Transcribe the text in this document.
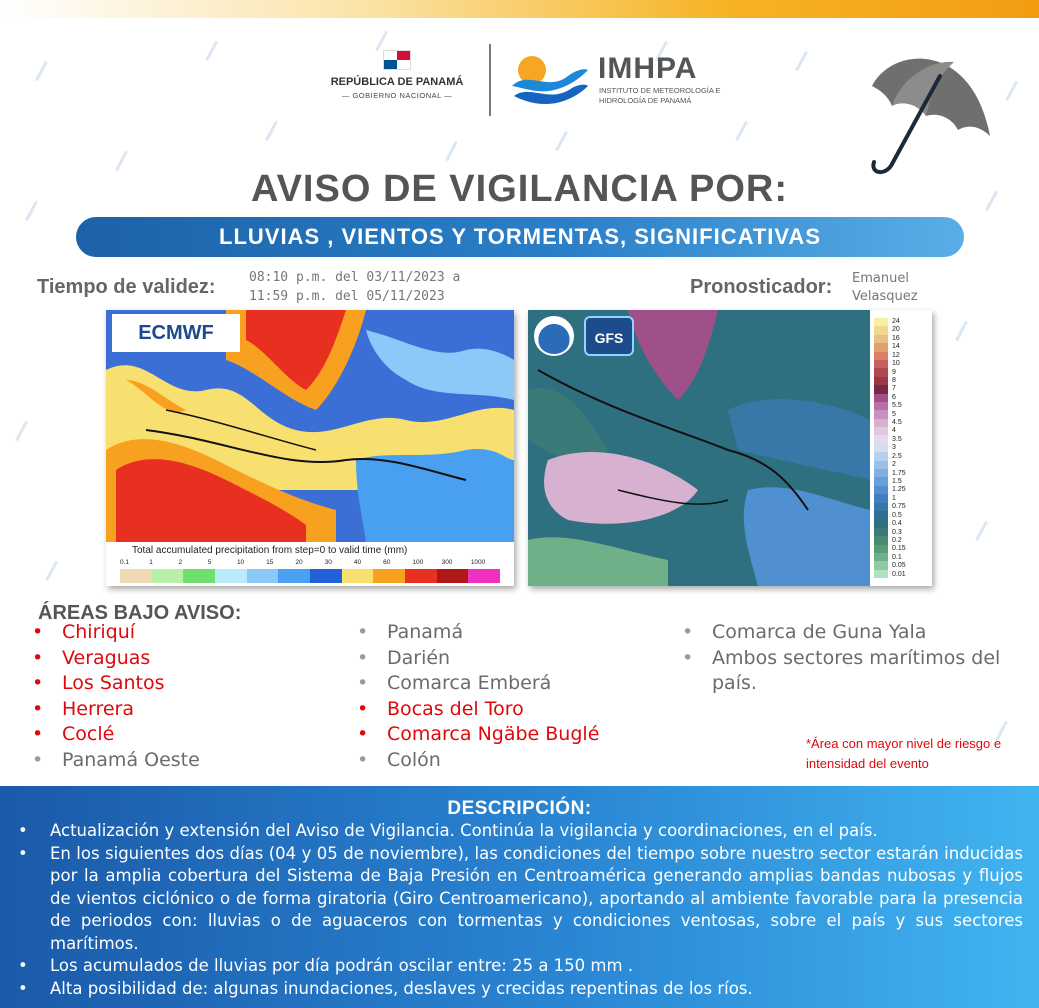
REPÚBLICA DE PANAMÁ
— GOBIERNO NACIONAL —
IMHPA
INSTITUTO DE METEOROLOGÍA E HIDROLOGÍA DE PANAMÁ
AVISO DE VIGILANCIA POR:
LLUVIAS , VIENTOS Y TORMENTAS, SIGNIFICATIVAS
Tiempo de validez:	08:10 p.m. del 03/11/2023 a
11:59 p.m. del 05/11/2023	Pronosticador: Emanuel Velasquez
ECMWF
Total accumulated precipitation from step=0 to valid time (mm)
0.1	1	2	5	10	15	20	30	40	60	100	300	1000
GFS
24
20
16
14
12
10
9
8
7
6
5.5
5
4.5
4
3.5
3
2.5
2
1.75
1.5
1.25
1
0.75
0.5
0.4
0.3
0.2
0.15
0.1
0.05
0.01
ÁREAS BAJO AVISO:
• Chiriquí
• Veraguas
• Los Santos
• Herrera
• Coclé
• Panamá Oeste
• Panamá
• Darién
• Comarca Emberá
• Bocas del Toro
• Comarca Ngäbe Buglé
• Colón
• Comarca de Guna Yala
• Ambos sectores marítimos del país.
*Área con mayor nivel de riesgo e intensidad del evento
DESCRIPCIÓN:
• Actualización y extensión del Aviso de Vigilancia. Continúa la vigilancia y coordinaciones, en el país.
• En los siguientes dos días (04 y 05 de noviembre), las condiciones del tiempo sobre nuestro sector estarán inducidas por la amplia cobertura del Sistema de Baja Presión en Centroamérica generando amplias bandas nubosas y flujos de vientos ciclónico o de forma giratoria (Giro Centroamericano), aportando al ambiente favorable para la presencia de periodos con: lluvias o de aguaceros con tormentas y condiciones ventosas, sobre el país y sus sectores marítimos.
• Los acumulados de lluvias por día podrán oscilar entre: 25 a 150 mm .
• Alta posibilidad de: algunas inundaciones, deslaves y crecidas repentinas de los ríos.
